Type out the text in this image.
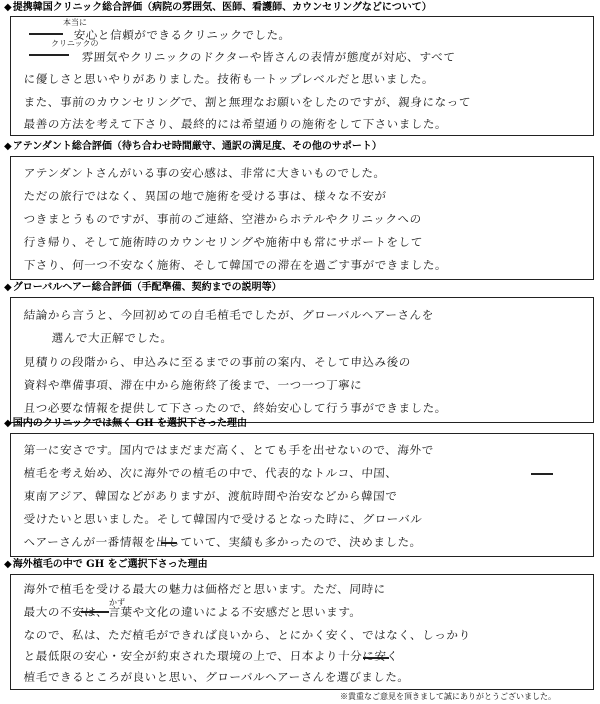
◆提携韓国クリニック総合評価（病院の雰囲気、医師、看護師、カウンセリングなどについて）
本当に
クリニックの
安心と信頼ができるクリニックでした。
雰囲気やクリニックのドクターや皆さんの表情が態度が対応、すべて
に優しさと思いやりがありました。技術も一トップレベルだと思いました。
また、事前のカウンセリングで、割と無理なお願いをしたのですが、親身になって
最善の方法を考えて下さり、最終的には希望通りの施術をして下さいました。
◆アテンダント総合評価（待ち合わせ時間厳守、通訳の满足度、その他のサポート）
アテンダントさんがいる事の安心感は、非常に大きいものでした。
ただの旅行ではなく、異国の地で施術を受ける事は、様々な不安が
つきまとうものですが、事前のご連絡、空港からホテルやクリニックへの
行き帰り、そして施術時のカウンセリングや施術中も常にサポートをして
下さり、何一つ不安なく施術、そして韓国での滞在を過ごす事ができました。
◆グローバルヘアー総合評価（手配準備、契約までの説明等）
結論から言うと、今回初めての自毛植毛でしたが、グローバルヘアーさんを
選んで大正解でした。
見積りの段階から、申込みに至るまでの事前の案内、そして申込み後の
資料や準備事項、滞在中から施術終了後まで、一つ一つ丁寧に
且つ必要な情報を提供して下さったので、終始安心して行う事ができました。
◆国内のクリニックでは無く GH を選択下さった理由
第一に安さです。国内ではまだまだ高く、とても手を出せないので、海外で
植毛を考え始め、次に海外での植毛の中で、代表的なトルコ、中国、
東南アジア、韓国などがありますが、渡航時間や治安などから韓国で
受けたいと思いました。そして韓国内で受けるとなった時に、グローバル
ヘアーさんが一番情報を出していて、実績も多かったので、決めました。
◆海外植毛の中で GH をご選択下さった理由
かず
海外で植毛を受ける最大の魅力は価格だと思います。ただ、同時に
最大の不安は、言葉や文化の違いによる不安感だと思います。
なので、私は、ただ植毛ができれば良いから、とにかく安く、ではなく、しっかり
と最低限の安心・安全が約束された環境の上で、日本より十分に安く
植毛できるところが良いと思い、グローバルヘアーさんを選びました。
※貴重なご意見を頂きまして誠にありがとうございました。
